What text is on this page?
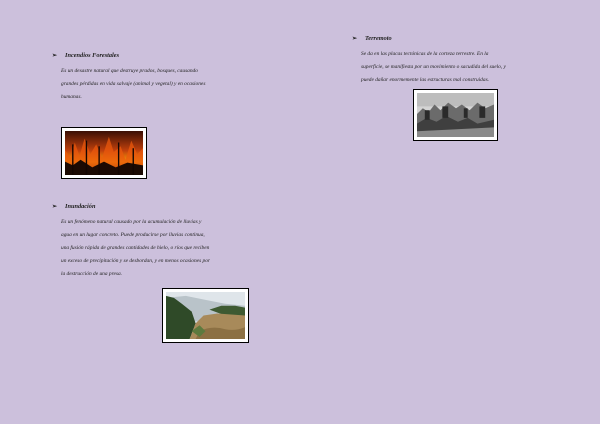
➢	Incendios Forestales
Es un desastre natural que destruye prados, bosques, causando
grandes pérdidas en vida salvaje (animal y vegetal) y en ocasiones
humanas.
➢	Inundación
Es un fenómeno natural causado por la acumulación de lluvias y
agua en un lugar concreto. Puede producirse por lluvias continua,
una fusión rápida de grandes cantidades de hielo, o ríos que reciben
un exceso de precipitación y se desbordan, y en menos ocasiones por
la destrucción de una presa.
➢	Terremoto
Se da en las placas tectónicas de la corteza terrestre. En la
superficie, se manifiesta por un movimiento o sacudida del suelo, y
puede dañar enormemente las estructuras mal construidas.
